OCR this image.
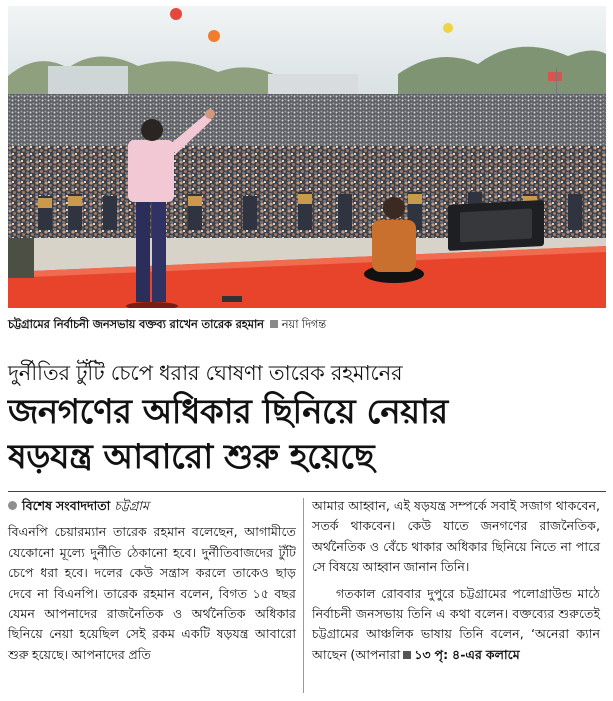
চট্টগ্রামের নির্বাচনী জনসভায় বক্তব্য রাখেন তারেক রহমান নয়া দিগন্ত
দুর্নীতির টুঁটি চেপে ধরার ঘোষণা তারেক রহমানের
জনগণের অধিকার ছিনিয়ে নেয়ার
ষড়যন্ত্র আবারো শুরু হয়েছে
বিশেষ সংবাদদাতা চট্টগ্রাম

বিএনপি চেয়ারম্যান তারেক রহমান বলেছেন, আগামীতে যেকোনো মূল্যে দুর্নীতি ঠেকানো হবে। দুর্নীতিবাজদের টুঁটি চেপে ধরা হবে। দলের কেউ সন্ত্রাস করলে তাকেও ছাড় দেবে না বিএনপি। তারেক রহমান বলেন, বিগত ১৫ বছর যেমন আপনাদের রাজনৈতিক ও অর্থনৈতিক অধিকার ছিনিয়ে নেয়া হয়েছিল সেই রকম একটি ষড়যন্ত্র আবারো শুরু হয়েছে। আপনাদের প্রতি

আমার আহ্বান, এই ষড়যন্ত্র সম্পর্কে সবাই সজাগ থাকবেন, সতর্ক থাকবেন। কেউ যাতে জনগণের রাজনৈতিক, অর্থনৈতিক ও বেঁচে থাকার অধিকার ছিনিয়ে নিতে না পারে সে বিষয়ে আহ্বান জানান তিনি।

গতকাল রোববার দুপুরে চট্টগ্রামের পলোগ্রাউন্ড মাঠে নির্বাচনী জনসভায় তিনি এ কথা বলেন। বক্তব্যের শুরুতেই চট্টগ্রামের আঞ্চলিক ভাষায় তিনি বলেন, ‘অনেরা ক্যান আছেন (আপনারা ১৩ পৃ: ৪-এর কলামে
